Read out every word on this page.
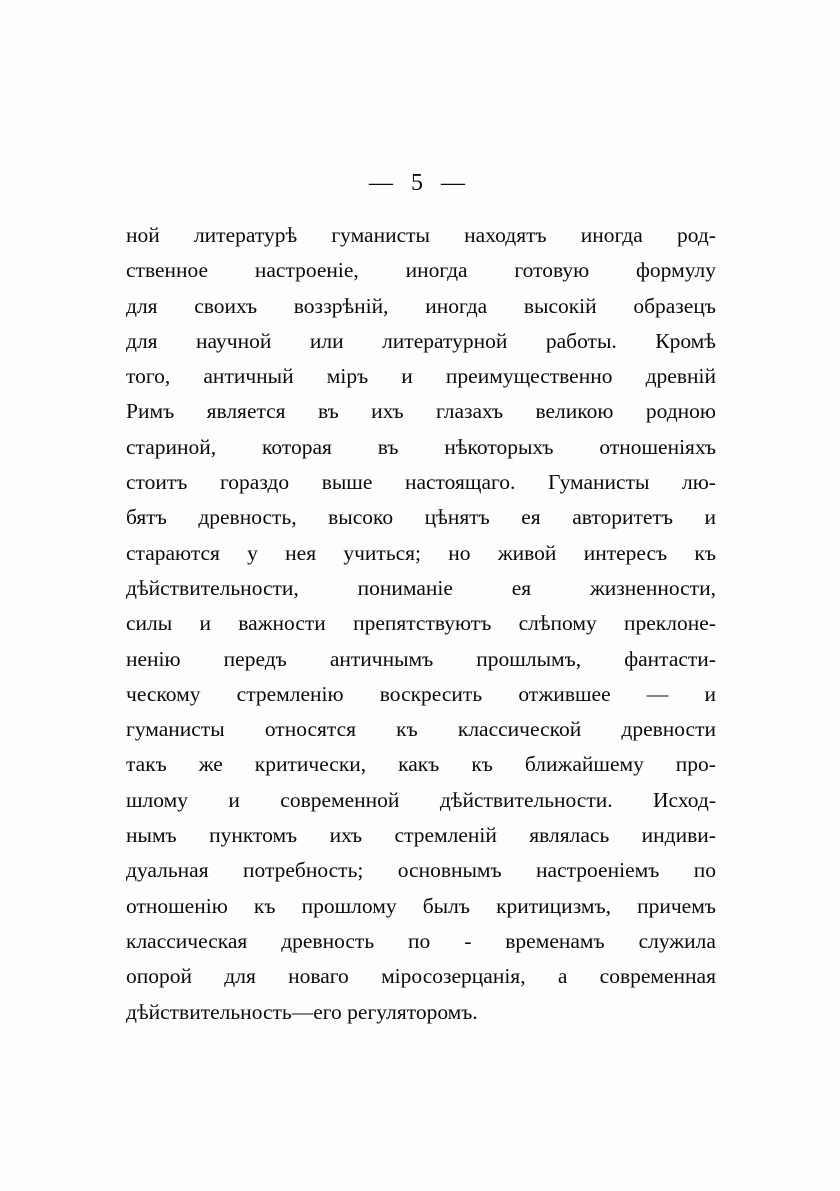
— 5 —
ной литературѣ гуманисты находятъ иногда род-
ственное настроеніе, иногда готовую формулу
для своихъ воззрѣній, иногда высокій образецъ
для научной или литературной работы. Кромѣ
того, античный міръ и преимущественно древній
Римъ является въ ихъ глазахъ великою родною
стариной, которая въ нѣкоторыхъ отношеніяхъ
стоитъ гораздо выше настоящаго. Гуманисты лю-
бятъ древность, высоко цѣнятъ ея авторитетъ и
стараются у нея учиться; но живой интересъ къ
дѣйствительности,	пониманіе	ея	жизненности,
силы и важности препятствуютъ слѣпому преклоне-
ненію передъ античнымъ прошлымъ, фантасти-
ческому стремленію воскресить отжившее — и
гуманисты относятся къ классической древности
такъ же критически, какъ къ ближайшему про-
шлому и современной дѣйствительности. Исход-
нымъ пунктомъ ихъ стремленій являлась индиви-
дуальная потребность; основнымъ настроеніемъ по
отношенію къ прошлому былъ критицизмъ, причемъ
классическая древность по - временамъ служила
опорой для новаго міросозерцанія, а современная
дѣйствительность—его регуляторомъ.
